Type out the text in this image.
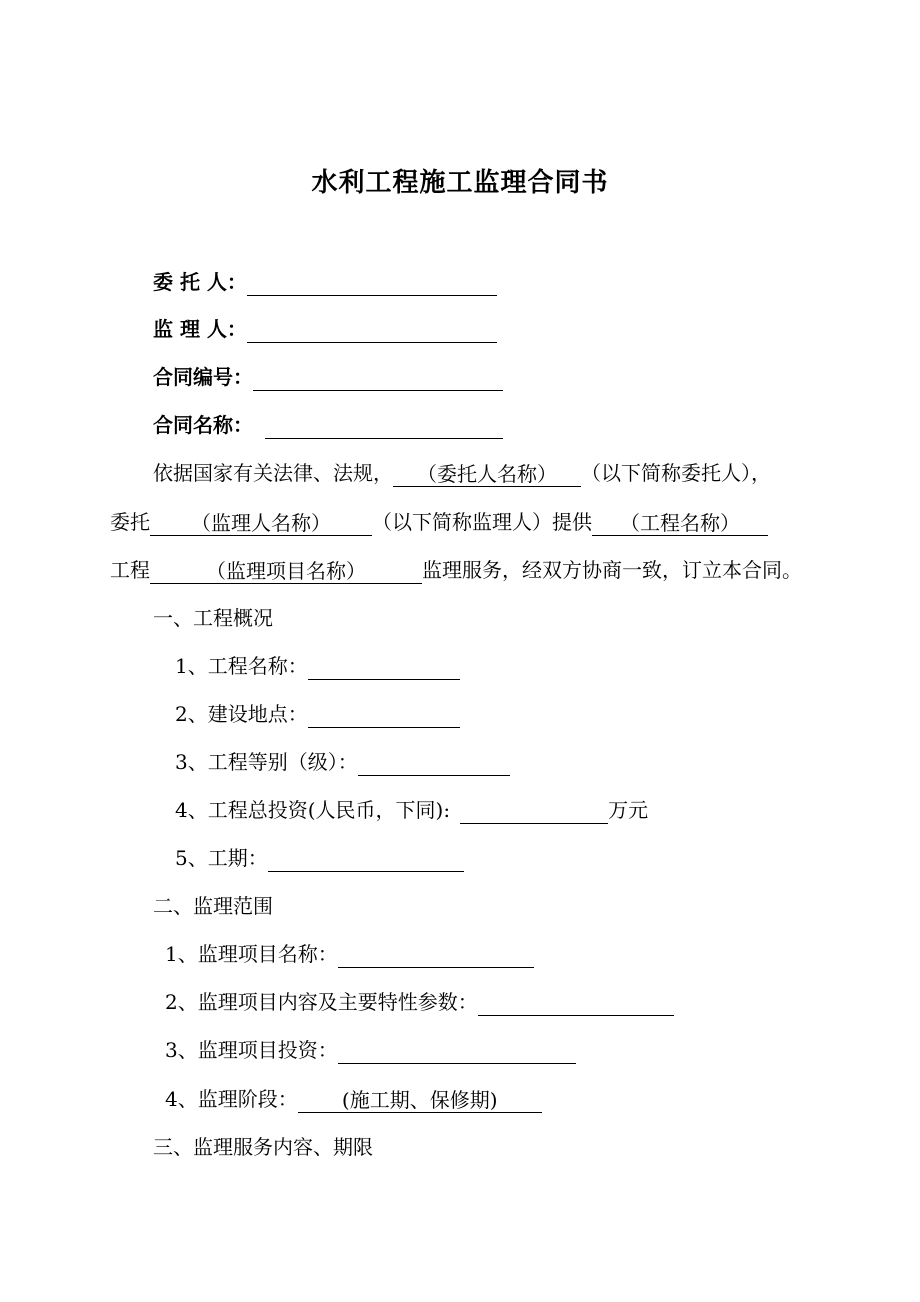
水利工程施工监理合同书
委 托 人：
监 理 人：
合同编号：
合同名称：
依据国家有关法律、法规， （委托人名称） （以下简称委托人），
委托 （监理人名称） （以下简称监理人）提供 （工程名称）
工程	（监理项目名称）	监理服务，经双方协商一致，订立本合同。
一、工程概况
1、工程名称：
2、建设地点：
3、工程等别（级）：
4、工程总投资(人民币，下同):	万元
5、工期：
二、监理范围
1、监理项目名称：
2、监理项目内容及主要特性参数：
3、监理项目投资：
4、监理阶段： (施工期、保修期)
三、监理服务内容、期限
